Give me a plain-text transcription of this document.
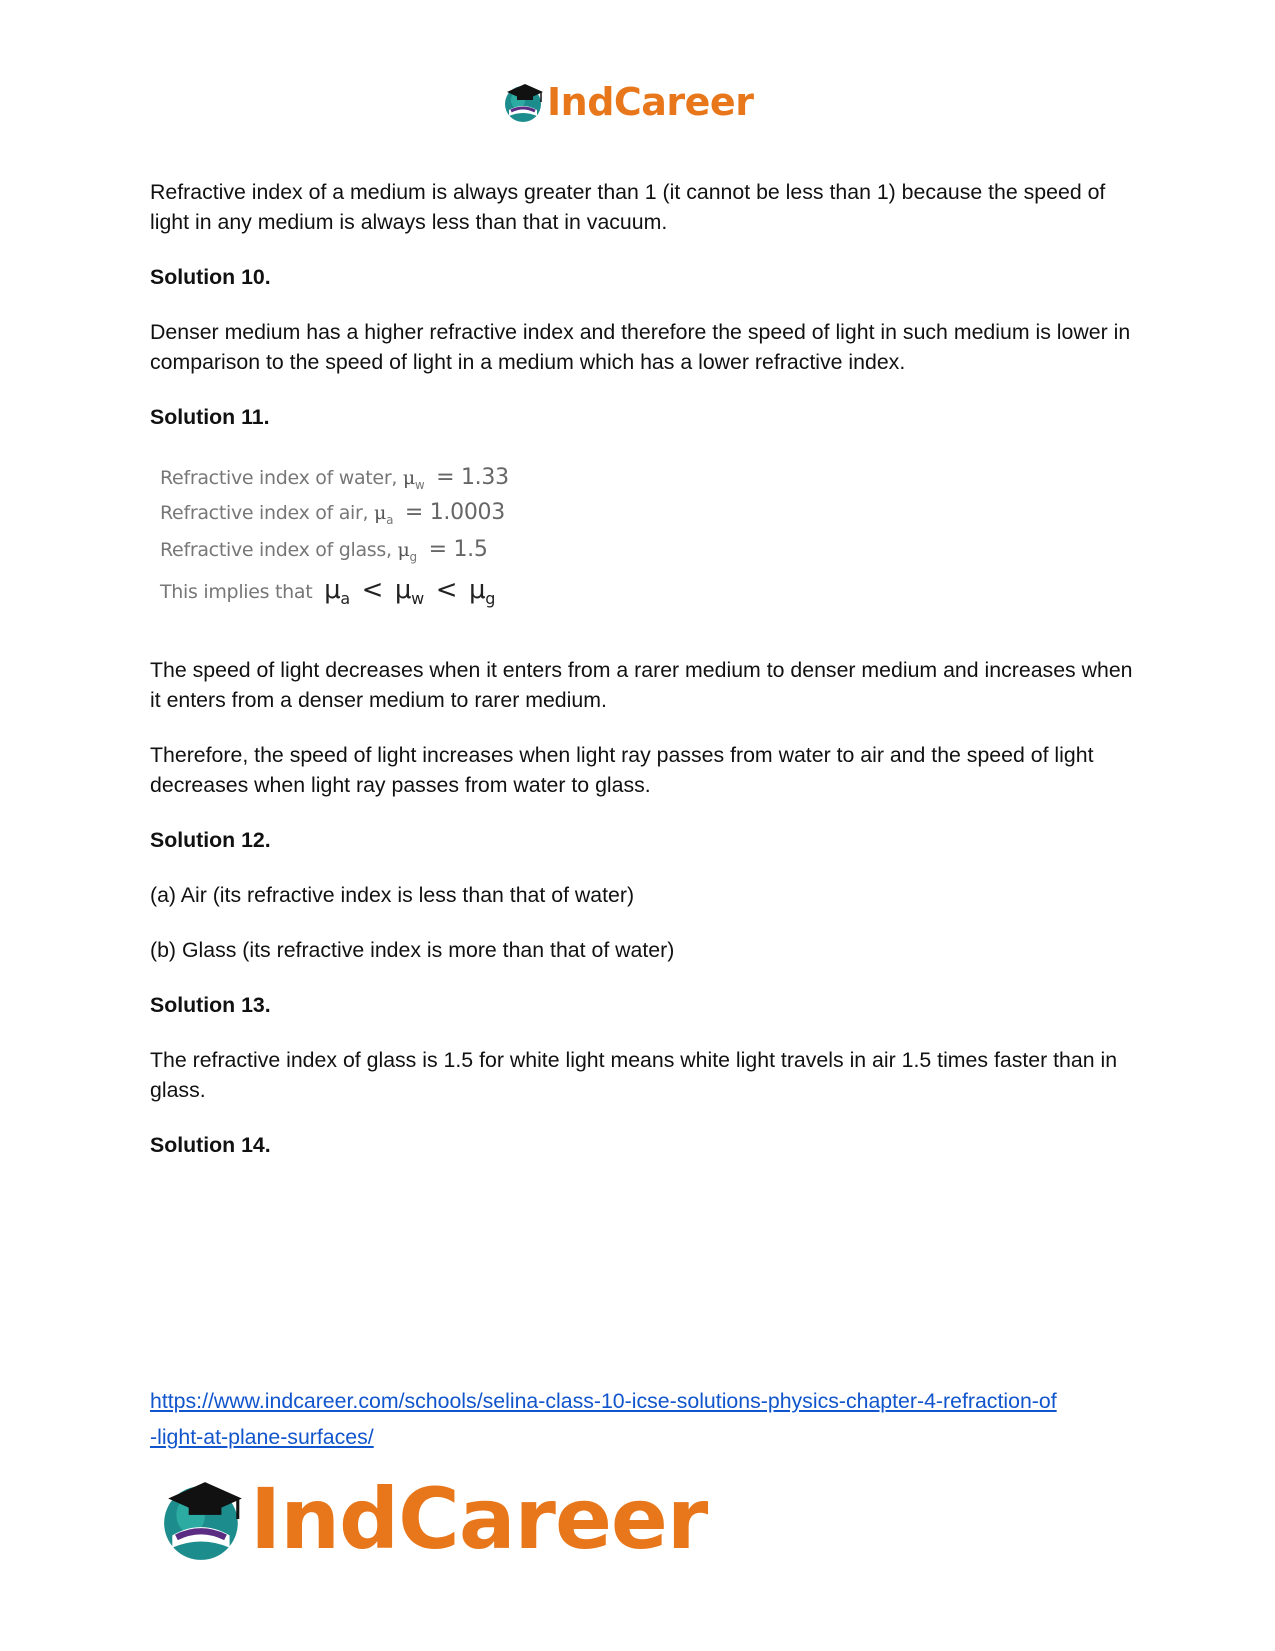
IndCareer

Refractive index of a medium is always greater than 1 (it cannot be less than 1) because the speed of light in any medium is always less than that in vacuum.

Solution 10.

Denser medium has a higher refractive index and therefore the speed of light in such medium is lower in comparison to the speed of light in a medium which has a lower refractive index.

Solution 11.

Refractive index of water, $\mu_w = 1.33$
Refractive index of air, $\mu_a = 1.0003$
Refractive index of glass, $\mu_g = 1.5$
This implies that $\mu_a < \mu_w < \mu_g$

The speed of light decreases when it enters from a rarer medium to denser medium and increases when it enters from a denser medium to rarer medium.

Therefore, the speed of light increases when light ray passes from water to air and the speed of light decreases when light ray passes from water to glass.

Solution 12.

(a) Air (its refractive index is less than that of water)

(b) Glass (its refractive index is more than that of water)

Solution 13.

The refractive index of glass is 1.5 for white light means white light travels in air 1.5 times faster than in glass.

Solution 14.

https://www.indcareer.com/schools/selina-class-10-icse-solutions-physics-chapter-4-refraction-of
-light-at-plane-surfaces/
IndCareer
